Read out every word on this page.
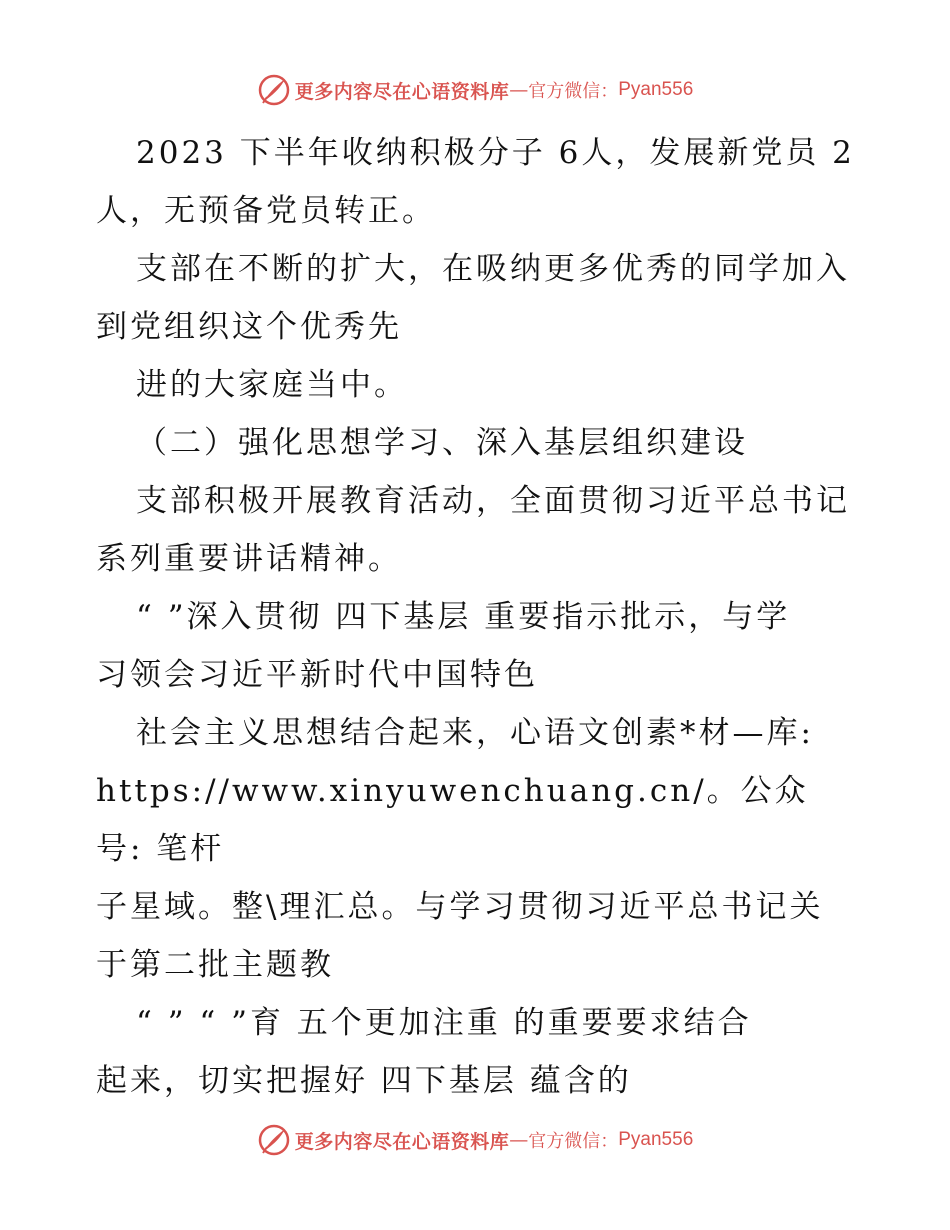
更多内容尽在心语资料库 — 官方微信： Pyan556

2023 下半年收纳积极分子 6人，发展新党员 2

人，无预备党员转正。

支部在不断的扩大，在吸纳更多优秀的同学加入

到党组织这个优秀先

进的大家庭当中。

（二）强化思想学习、深入基层组织建设

支部积极开展教育活动，全面贯彻习近平总书记

系列重要讲话精神。

“ ”深入贯彻 四下基层 重要指示批示，与学

习领会习近平新时代中国特色

社会主义思想结合起来，心语文创素*材—库:

https://www.xinyuwenchuang.cn/。公众号: 笔杆

子星域。整\理汇总。与学习贯彻习近平总书记关

于第二批主题教

“ ” “ ”育 五个更加注重 的重要要求结合

起来，切实把握好 四下基层 蕴含的

更多内容尽在心语资料库 — 官方微信： Pyan556
